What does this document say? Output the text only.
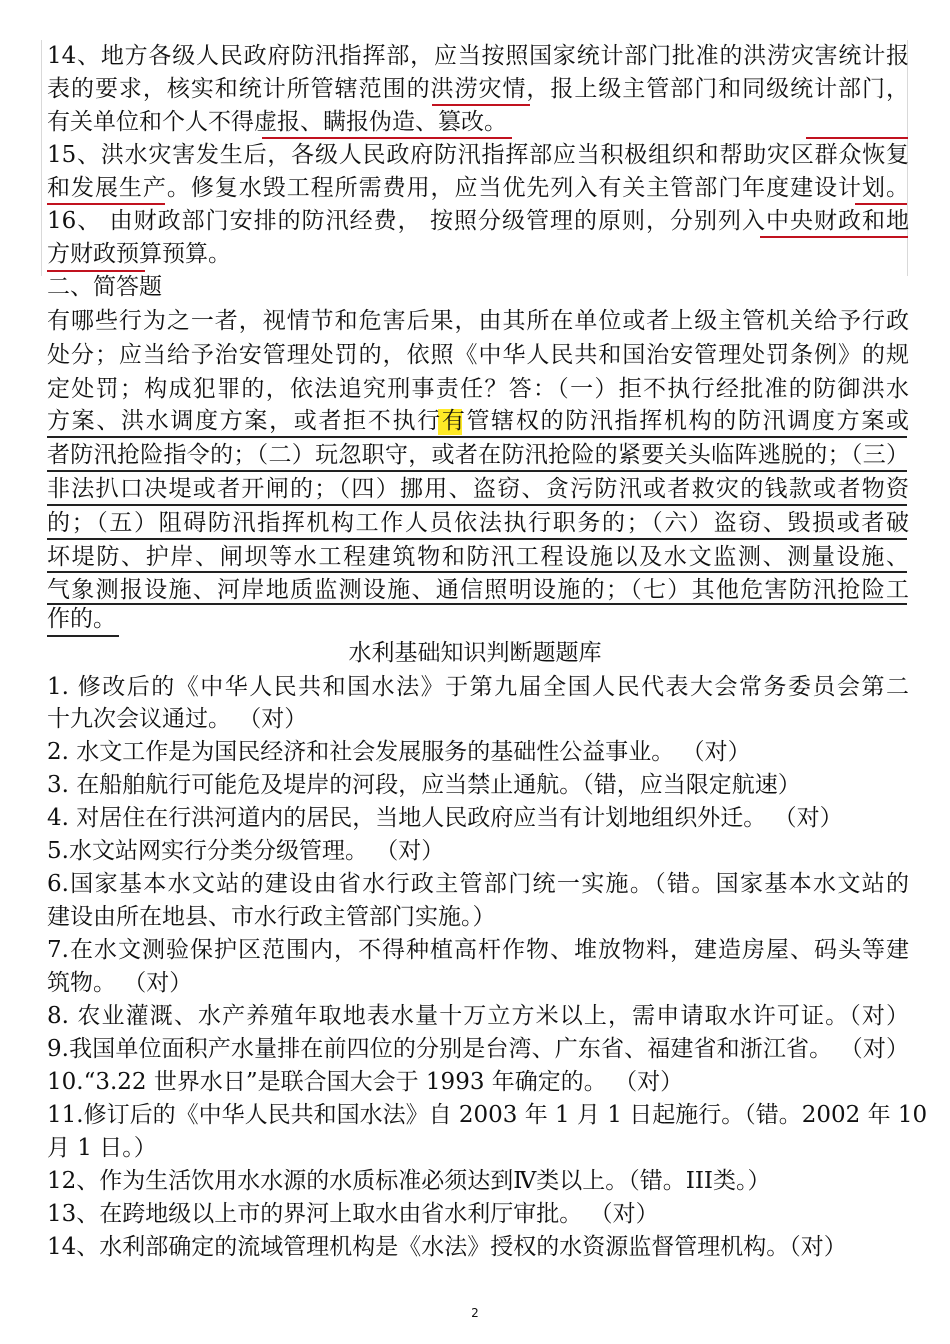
14、地方各级人民政府防汛指挥部，应当按照国家统计部门批准的洪涝灾害统计报
表的要求，核实和统计所管辖范围的洪涝灾情，报上级主管部门和同级统计部门，
有关单位和个人不得虚报、瞒报伪造、篡改。
15、洪水灾害发生后，各级人民政府防汛指挥部应当积极组织和帮助灾区群众恢复
和发展生产。修复水毁工程所需费用，应当优先列入有关主管部门年度建设计划。
16、 由财政部门安排的防汛经费， 按照分级管理的原则，分别列入中央财政和地
方财政预算预算。
二、简答题
有哪些行为之一者，视情节和危害后果，由其所在单位或者上级主管机关给予行政
处分；应当给予治安管理处罚的，依照《中华人民共和国治安管理处罚条例》的规
定处罚；构成犯罪的，依法追究刑事责任？答：（一）拒不执行经批准的防御洪水
方案、洪水调度方案，或者拒不执行有管辖权的防汛指挥机构的防汛调度方案或
者防汛抢险指令的；（二）玩忽职守，或者在防汛抢险的紧要关头临阵逃脱的；（三）
非法扒口决堤或者开闸的；（四）挪用、盗窃、贪污防汛或者救灾的钱款或者物资
的；（五）阻碍防汛指挥机构工作人员依法执行职务的；（六）盗窃、毁损或者破
坏堤防、护岸、闸坝等水工程建筑物和防汛工程设施以及水文监测、测量设施、
气象测报设施、河岸地质监测设施、通信照明设施的；（七）其他危害防汛抢险工
作的。
水利基础知识判断题题库
1. 修改后的《中华人民共和国水法》于第九届全国人民代表大会常务委员会第二
十九次会议通过。 （对）
2. 水文工作是为国民经济和社会发展服务的基础性公益事业。 （对）
3. 在船舶航行可能危及堤岸的河段，应当禁止通航。（错，应当限定航速）
4. 对居住在行洪河道内的居民，当地人民政府应当有计划地组织外迁。 （对）
5.水文站网实行分类分级管理。 （对）
6.国家基本水文站的建设由省水行政主管部门统一实施。（错。国家基本水文站的
建设由所在地县、市水行政主管部门实施。）
7.在水文测验保护区范围内，不得种植高杆作物、堆放物料，建造房屋、码头等建
筑物。 （对）
8. 农业灌溉、水产养殖年取地表水量十万立方米以上，需申请取水许可证。（对）
9.我国单位面积产水量排在前四位的分别是台湾、广东省、福建省和浙江省。 （对）
10.“3.22 世界水日”是联合国大会于 1993 年确定的。 （对）
11.修订后的《中华人民共和国水法》自 2003 年 1 月 1 日起施行。（错。2002 年 10
月 1 日。）
12、作为生活饮用水水源的水质标准必须达到Ⅳ类以上。（错。III类。）
13、在跨地级以上市的界河上取水由省水利厅审批。 （对）
14、水利部确定的流域管理机构是《水法》授权的水资源监督管理机构。（对）
2
